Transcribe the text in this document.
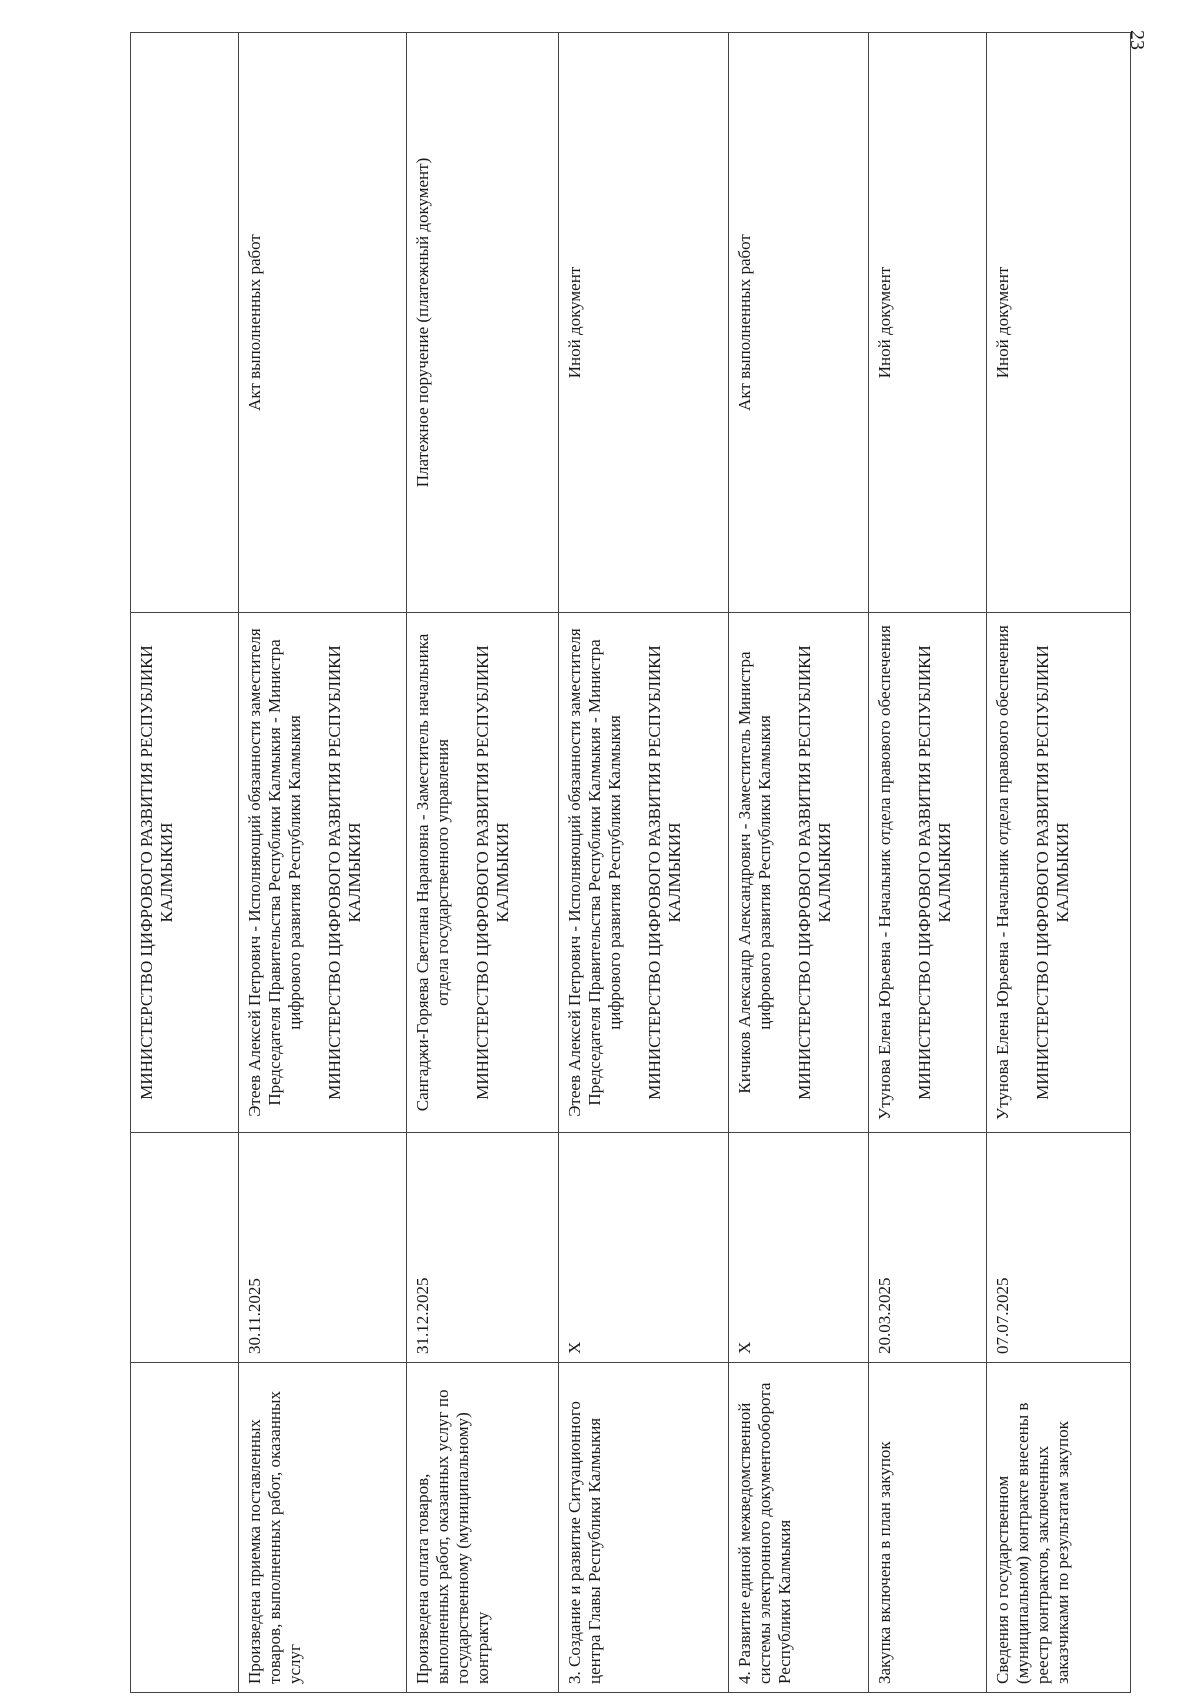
23

		МИНИСТЕРСТВО ЦИФРОВОГО РАЗВИТИЯ РЕСПУБЛИКИ КАЛМЫКИЯ	

Произведена приемка поставленных товаров, выполненных работ, оказанных услуг	30.11.2025	Этеев Алексей Петрович - Исполняющий обязанности заместителя Председателя Правительства Республики Калмыкия - Министра цифрового развития Республики Калмыкия МИНИСТЕРСТВО ЦИФРОВОГО РАЗВИТИЯ РЕСПУБЛИКИ КАЛМЫКИЯ	Акт выполненных работ
Произведена оплата товаров, выполненных работ, оказанных услуг по государственному (муниципальному) контракту	31.12.2025	Сангаджи-Горяева Светлана Нарановна - Заместитель начальника отдела государственного управления МИНИСТЕРСТВО ЦИФРОВОГО РАЗВИТИЯ РЕСПУБЛИКИ КАЛМЫКИЯ	Платежное поручение (платежный документ)
3. Создание и развитие Ситуационного центра Главы Республики Калмыкия	X	Этеев Алексей Петрович - Исполняющий обязанности заместителя Председателя Правительства Республики Калмыкия - Министра цифрового развития Республики Калмыкия МИНИСТЕРСТВО ЦИФРОВОГО РАЗВИТИЯ РЕСПУБЛИКИ КАЛМЫКИЯ	Иной документ
4. Развитие единой межведомственной системы электронного документооборота Республики Калмыкия	X	Кичиков Александр Александрович - Заместитель Министра цифрового развития Республики Калмыкия МИНИСТЕРСТВО ЦИФРОВОГО РАЗВИТИЯ РЕСПУБЛИКИ КАЛМЫКИЯ	Акт выполненных работ
Закупка включена в план закупок	20.03.2025	Утунова Елена Юрьевна - Начальник отдела правового обеспечения МИНИСТЕРСТВО ЦИФРОВОГО РАЗВИТИЯ РЕСПУБЛИКИ КАЛМЫКИЯ	Иной документ
Сведения о государственном (муниципальном) контракте внесены в реестр контрактов, заключенных заказчиками по результатам закупок	07.07.2025	Утунова Елена Юрьевна - Начальник отдела правового обеспечения МИНИСТЕРСТВО ЦИФРОВОГО РАЗВИТИЯ РЕСПУБЛИКИ КАЛМЫКИЯ	Иной документ
